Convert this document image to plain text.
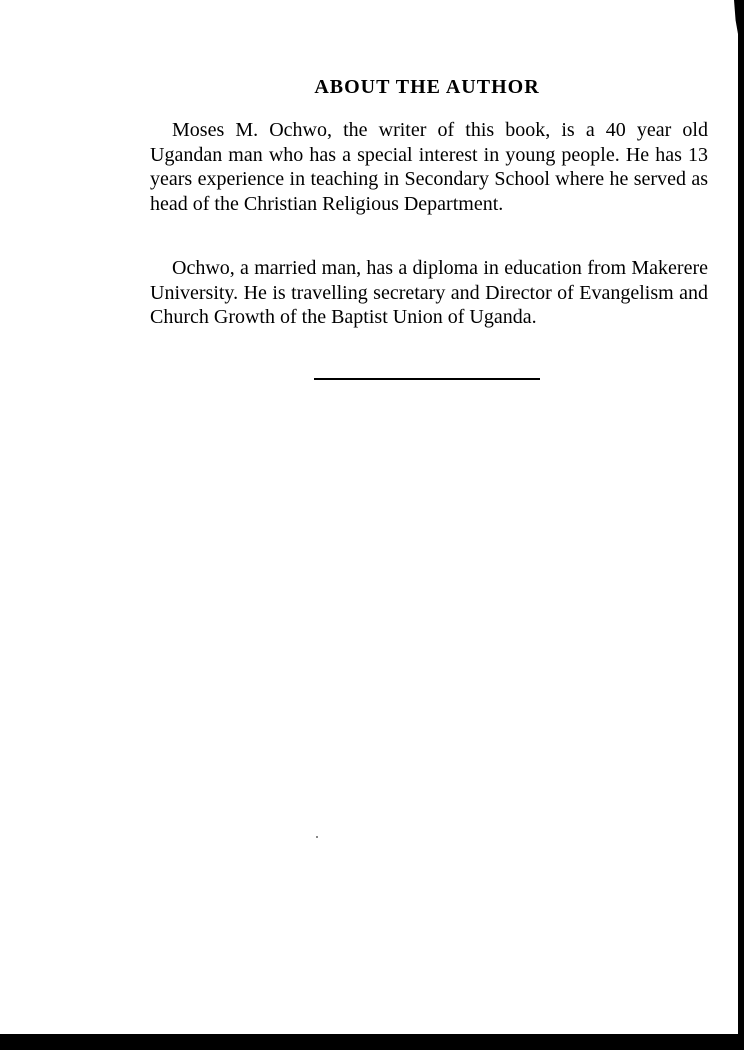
ABOUT THE AUTHOR

Moses M. Ochwo, the writer of this book, is a 40 year old Ugandan man who has a special interest in young people. He has 13 years experience in teaching in Secondary School where he served as head of the Christian Religious Department.

Ochwo, a married man, has a diploma in education from Makerere University. He is travelling secretary and Director of Evangelism and Church Growth of the Baptist Union of Uganda.
